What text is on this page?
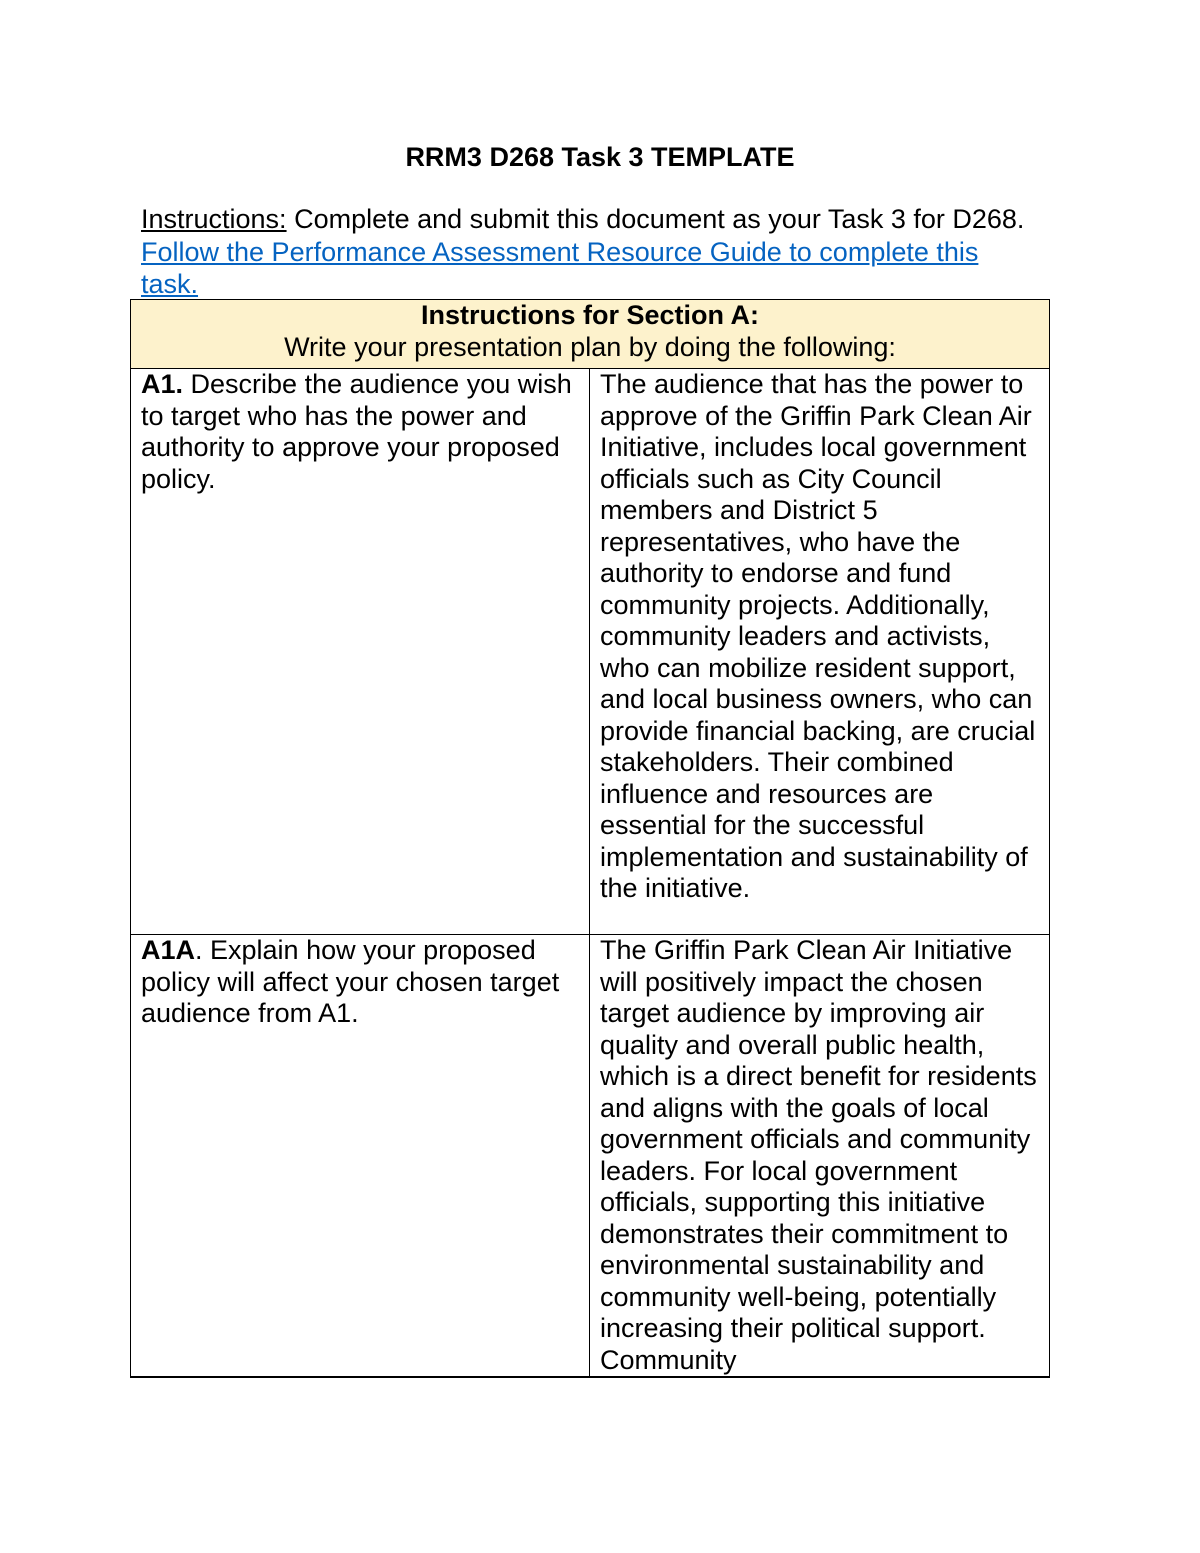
RRM3 D268 Task 3 TEMPLATE
Instructions: Complete and submit this document as your Task 3 for D268. Follow the Performance Assessment Resource Guide to complete this task.
Instructions for Section A:
Write your presentation plan by doing the following:	
A1. Describe the audience you wish to target who has the power and authority to approve your proposed policy.	The audience that has the power to approve of the Griffin Park Clean Air Initiative, includes local government officials such as City Council members and District 5 representatives, who have the authority to endorse and fund community projects. Additionally, community leaders and activists, who can mobilize resident support, and local business owners, who can provide financial backing, are crucial stakeholders. Their combined influence and resources are essential for the successful implementation and sustainability of the initiative.
A1A. Explain how your proposed policy will affect your chosen target audience from A1.	The Griffin Park Clean Air Initiative will positively impact the chosen target audience by improving air quality and overall public health, which is a direct benefit for residents and aligns with the goals of local government officials and community leaders. For local government officials, supporting this initiative demonstrates their commitment to environmental sustainability and community well-being, potentially increasing their political support. Community
